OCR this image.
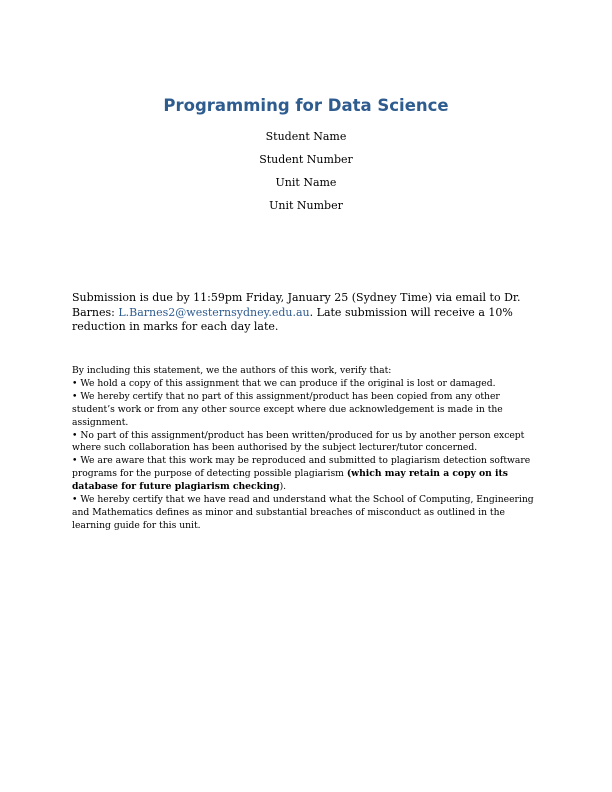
Programming for Data Science

Student Name

Student Number

Unit Name

Unit Number

Submission is due by 11:59pm Friday, January 25 (Sydney Time) via email to Dr. Barnes: L.Barnes2@westernsydney.edu.au. Late submission will receive a 10% reduction in marks for each day late.

By including this statement, we the authors of this work, verify that:

• We hold a copy of this assignment that we can produce if the original is lost or damaged.

• We hereby certify that no part of this assignment/product has been copied from any other student’s work or from any other source except where due acknowledgement is made in the assignment.

• No part of this assignment/product has been written/produced for us by another person except where such collaboration has been authorised by the subject lecturer/tutor concerned.

• We are aware that this work may be reproduced and submitted to plagiarism detection software programs for the purpose of detecting possible plagiarism (which may retain a copy on its database for future plagiarism checking).

• We hereby certify that we have read and understand what the School of Computing, Engineering and Mathematics defines as minor and substantial breaches of misconduct as outlined in the learning guide for this unit.
